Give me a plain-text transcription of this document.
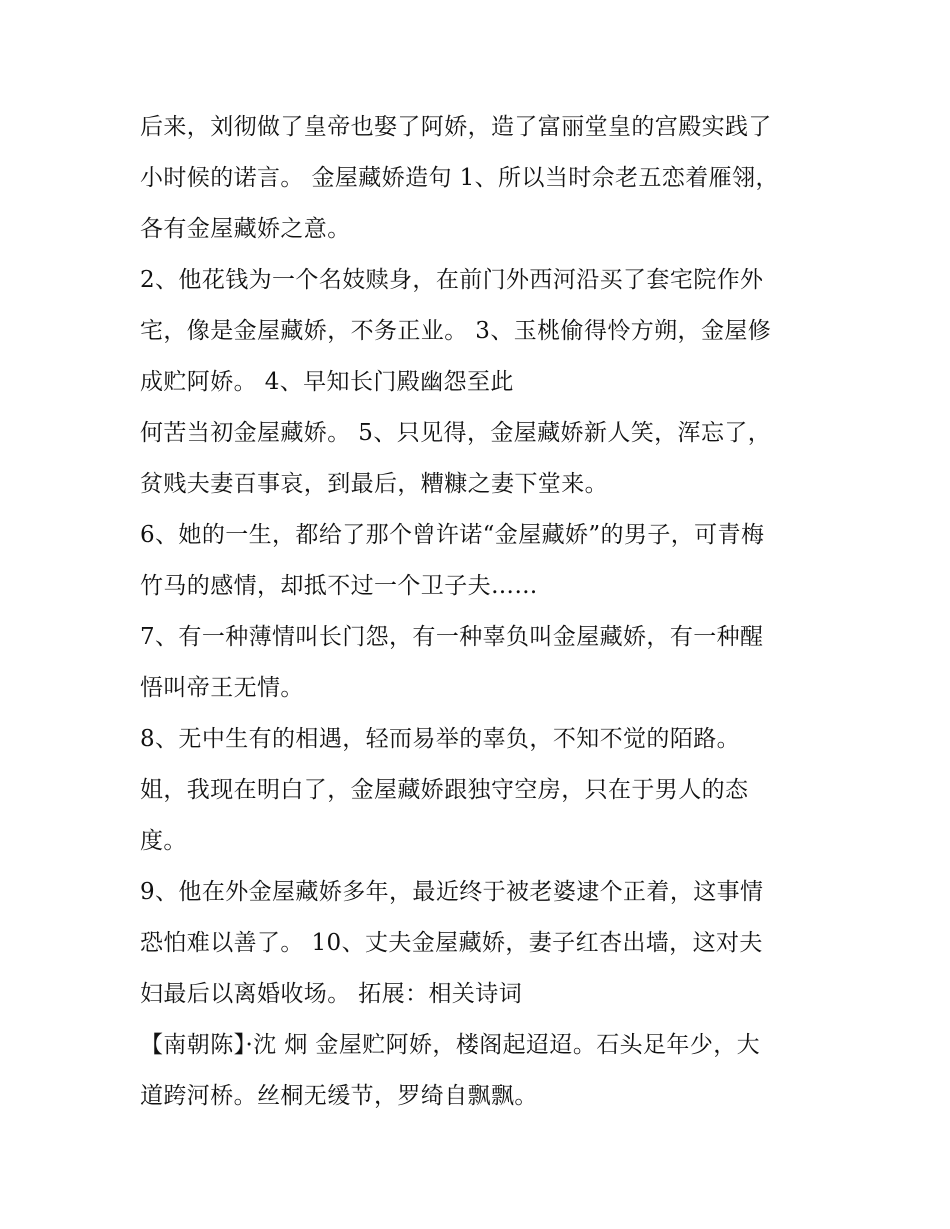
后来，刘彻做了皇帝也娶了阿娇，造了富丽堂皇的宫殿实践了
小时候的诺言。 金屋藏娇造句 1、所以当时佘老五恋着雁翎，
各有金屋藏娇之意。
2、他花钱为一个名妓赎身，在前门外西河沿买了套宅院作外
宅，像是金屋藏娇，不务正业。 3、玉桃偷得怜方朔，金屋修
成贮阿娇。 4、早知长门殿幽怨至此
何苦当初金屋藏娇。 5、只见得，金屋藏娇新人笑，浑忘了，
贫贱夫妻百事哀，到最后，糟糠之妻下堂来。
6、她的一生，都给了那个曾许诺“金屋藏娇”的男子，可青梅
竹马的感情，却抵不过一个卫子夫……
7、有一种薄情叫长门怨，有一种辜负叫金屋藏娇，有一种醒
悟叫帝王无情。
8、无中生有的相遇，轻而易举的辜负，不知不觉的陌路。
姐，我现在明白了，金屋藏娇跟独守空房，只在于男人的态
度。
9、他在外金屋藏娇多年，最近终于被老婆逮个正着，这事情
恐怕难以善了。 10、丈夫金屋藏娇，妻子红杏出墙，这对夫
妇最后以离婚收场。 拓展：相关诗词
【南朝陈】·沈 炯 金屋贮阿娇，楼阁起迢迢。石头足年少，大
道跨河桥。丝桐无缓节，罗绮自飘飘。
